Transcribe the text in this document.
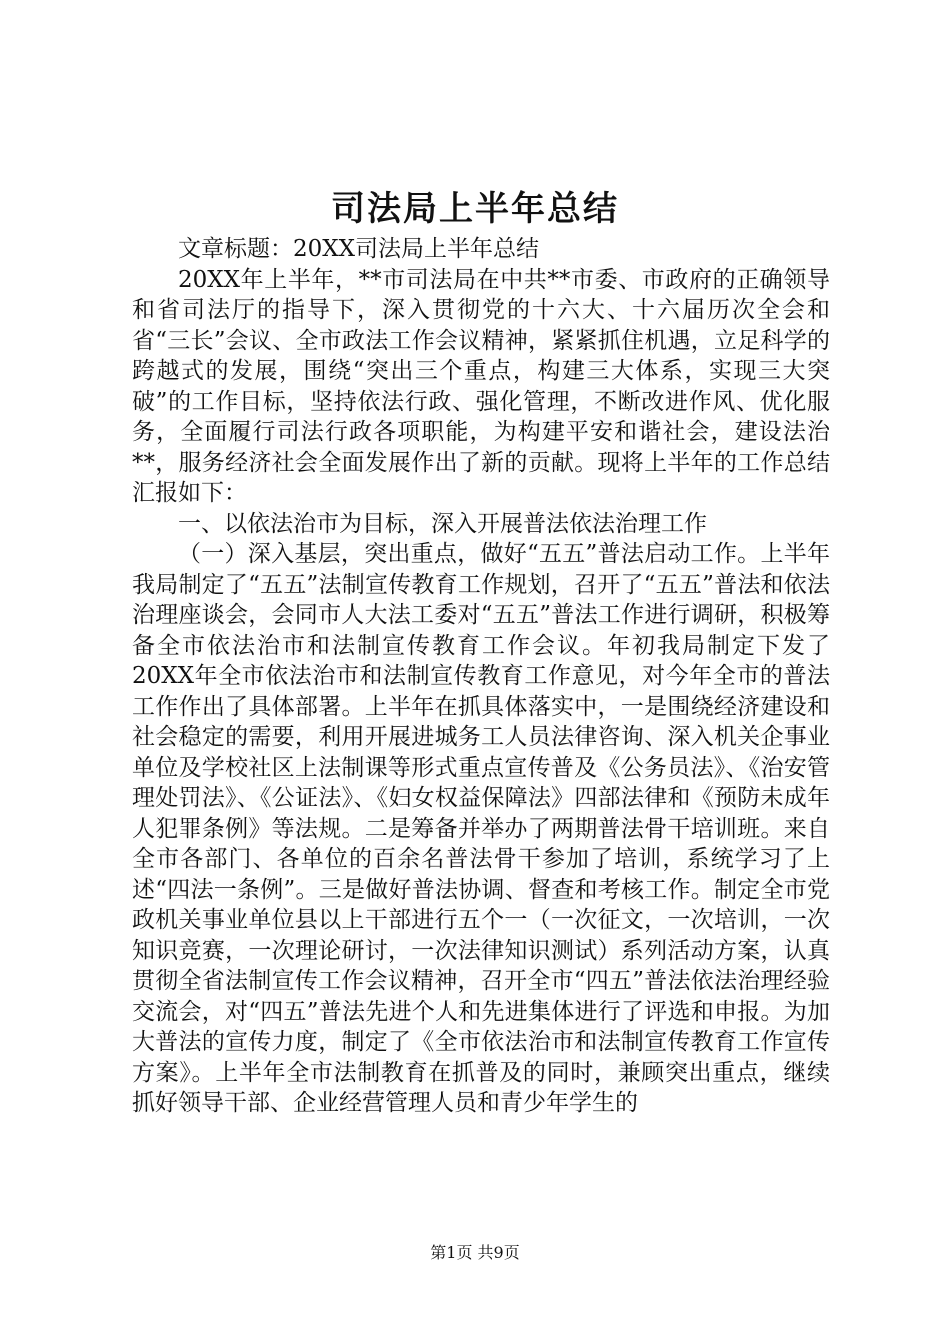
司法局上半年总结

文章标题：20XX司法局上半年总结

20XX年上半年，**市司法局在中共**市委、市政府的正确领导和省司法厅的指导下，深入贯彻党的十六大、十六届历次全会和省“三长”会议、全市政法工作会议精神，紧紧抓住机遇，立足科学的跨越式的发展，围绕“突出三个重点，构建三大体系，实现三大突破”的工作目标，坚持依法行政、强化管理，不断改进作风、优化服务，全面履行司法行政各项职能，为构建平安和谐社会，建设法治**，服务经济社会全面发展作出了新的贡献。现将上半年的工作总结汇报如下：

一、以依法治市为目标，深入开展普法依法治理工作

（一）深入基层，突出重点，做好“五五”普法启动工作。上半年我局制定了“五五”法制宣传教育工作规划，召开了“五五”普法和依法治理座谈会，会同市人大法工委对“五五”普法工作进行调研，积极筹备全市依法治市和法制宣传教育工作会议。年初我局制定下发了20XX年全市依法治市和法制宣传教育工作意见，对今年全市的普法工作作出了具体部署。上半年在抓具体落实中，一是围绕经济建设和社会稳定的需要，利用开展进城务工人员法律咨询、深入机关企事业单位及学校社区上法制课等形式重点宣传普及《公务员法》、《治安管理处罚法》、《公证法》、《妇女权益保障法》四部法律和《预防未成年人犯罪条例》等法规。二是筹备并举办了两期普法骨干培训班。来自全市各部门、各单位的百余名普法骨干参加了培训，系统学习了上述“四法一条例”。三是做好普法协调、督查和考核工作。制定全市党政机关事业单位县以上干部进行五个一（一次征文，一次培训，一次知识竞赛，一次理论研讨，一次法律知识测试）系列活动方案，认真贯彻全省法制宣传工作会议精神，召开全市“四五”普法依法治理经验交流会，对“四五”普法先进个人和先进集体进行了评选和申报。为加大普法的宣传力度，制定了《全市依法治市和法制宣传教育工作宣传方案》。上半年全市法制教育在抓普及的同时，兼顾突出重点，继续抓好领导干部、企业经营管理人员和青少年学生的

第1页 共9页
